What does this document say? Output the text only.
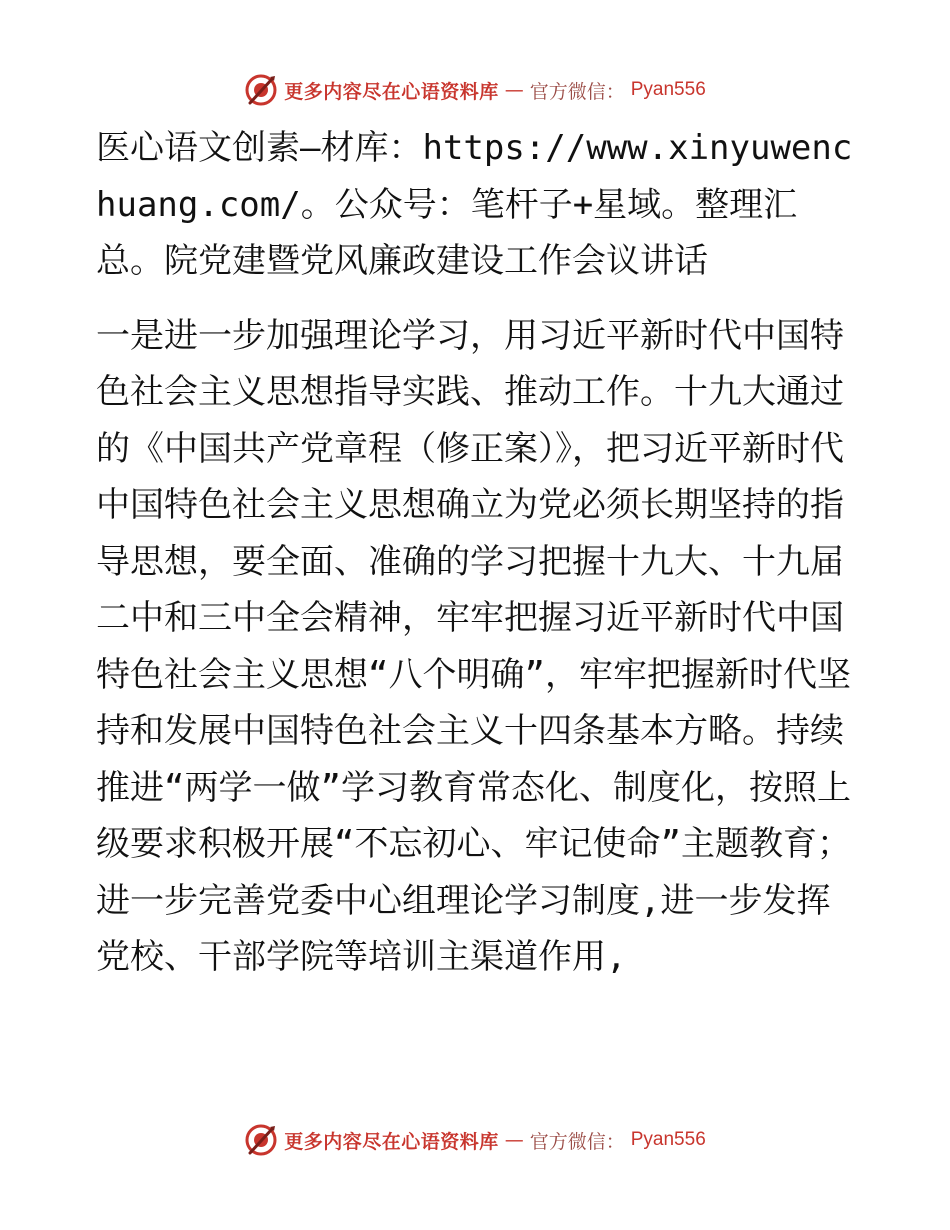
更多内容尽在心语资料库 — 官方微信： Pyan556

医心语文创素—材库：https://www.xinyuwenchuang.com/。公众号：笔杆子+星域。整理汇总。院党建暨党风廉政建设工作会议讲话

一是进一步加强理论学习，用习近平新时代中国特色社会主义思想指导实践、推动工作。十九大通过的《中国共产党章程（修正案）》，把习近平新时代中国特色社会主义思想确立为党必须长期坚持的指导思想，要全面、准确的学习把握十九大、十九届二中和三中全会精神，牢牢把握习近平新时代中国特色社会主义思想“八个明确”，牢牢把握新时代坚持和发展中国特色社会主义十四条基本方略。持续推进“两学一做”学习教育常态化、制度化，按照上级要求积极开展“不忘初心、牢记使命”主题教育；进一步完善党委中心组理论学习制度,进一步发挥党校、干部学院等培训主渠道作用,

更多内容尽在心语资料库 — 官方微信： Pyan556
